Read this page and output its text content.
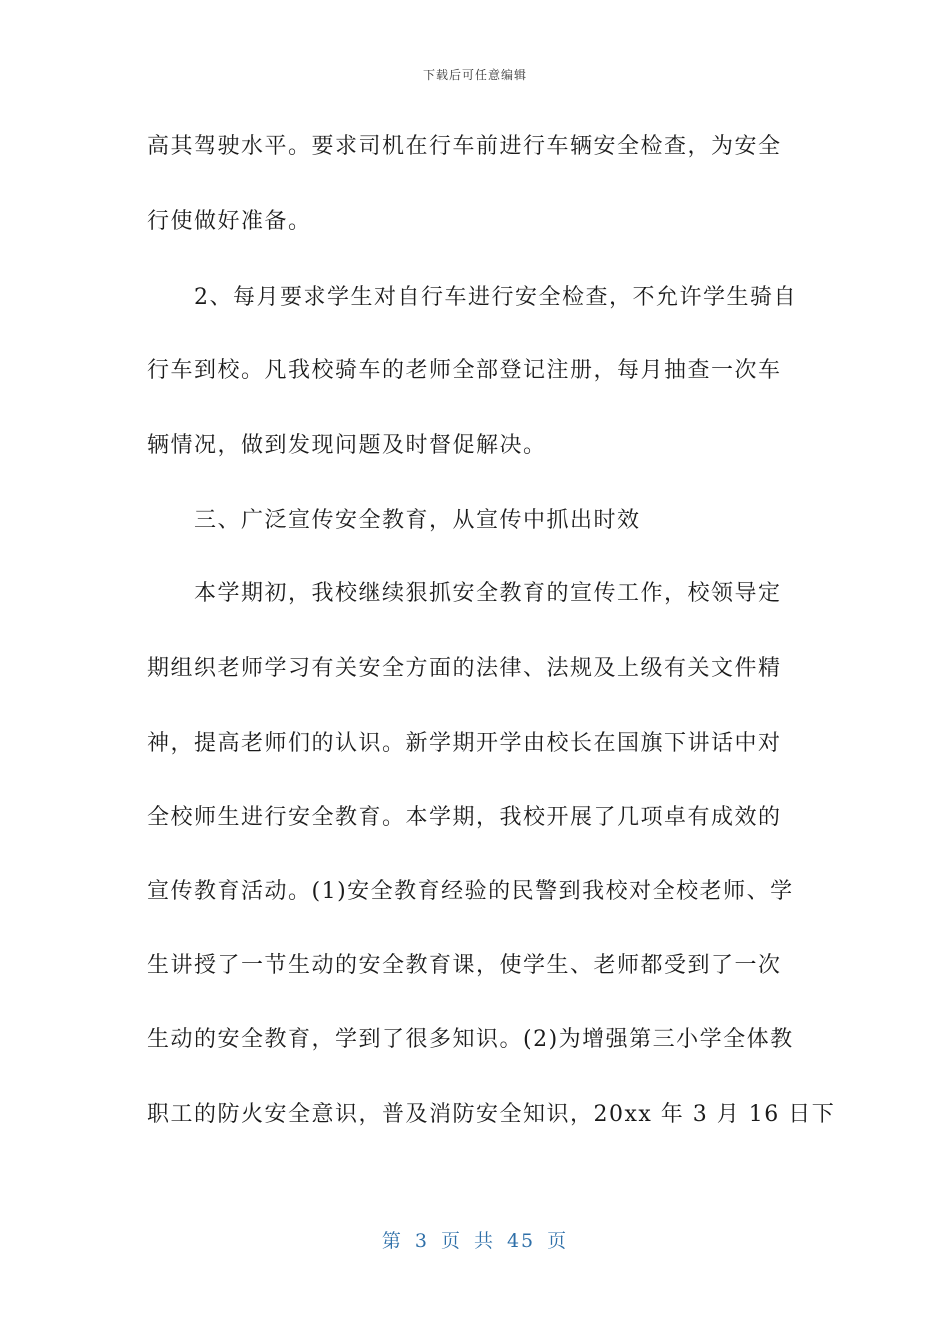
下载后可任意编辑
高其驾驶水平。要求司机在行车前进行车辆安全检查，为安全
行使做好准备。
　　2、每月要求学生对自行车进行安全检查，不允许学生骑自
行车到校。凡我校骑车的老师全部登记注册，每月抽查一次车
辆情况，做到发现问题及时督促解决。
　　三、广泛宣传安全教育，从宣传中抓出时效
　　本学期初，我校继续狠抓安全教育的宣传工作，校领导定
期组织老师学习有关安全方面的法律、法规及上级有关文件精
神，提高老师们的认识。新学期开学由校长在国旗下讲话中对
全校师生进行安全教育。本学期，我校开展了几项卓有成效的
宣传教育活动。(1)安全教育经验的民警到我校对全校老师、学
生讲授了一节生动的安全教育课，使学生、老师都受到了一次
生动的安全教育，学到了很多知识。(2)为增强第三小学全体教
职工的防火安全意识，普及消防安全知识，20xx 年 3 月 16 日下
第 3 页 共 45 页
